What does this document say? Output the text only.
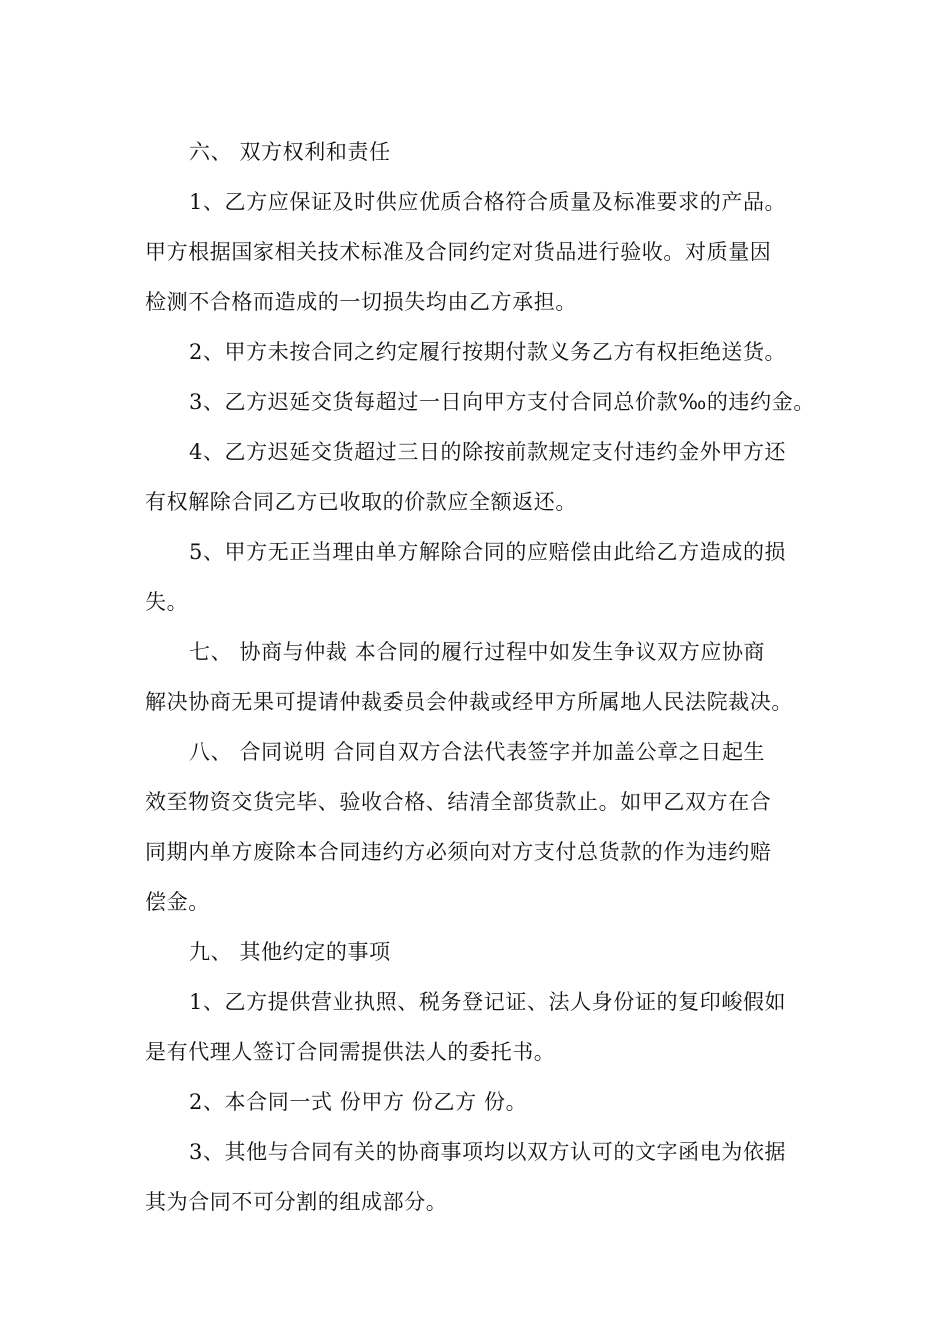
六、 双方权利和责任
1、乙方应保证及时供应优质合格符合质量及标准要求的产品。
甲方根据国家相关技术标准及合同约定对货品进行验收。对质量因
检测不合格而造成的一切损失均由乙方承担。
2、甲方未按合同之约定履行按期付款义务乙方有权拒绝送货。
3、乙方迟延交货每超过一日向甲方支付合同总价款‰的违约金。
4、乙方迟延交货超过三日的除按前款规定支付违约金外甲方还
有权解除合同乙方已收取的价款应全额返还。
5、甲方无正当理由单方解除合同的应赔偿由此给乙方造成的损
失。
七、 协商与仲裁 本合同的履行过程中如发生争议双方应协商
解决协商无果可提请仲裁委员会仲裁或经甲方所属地人民法院裁决。
八、 合同说明 合同自双方合法代表签字并加盖公章之日起生
效至物资交货完毕、验收合格、结清全部货款止。如甲乙双方在合
同期内单方废除本合同违约方必须向对方支付总货款的作为违约赔
偿金。
九、 其他约定的事项
1、乙方提供营业执照、税务登记证、法人身份证的复印峻假如
是有代理人签订合同需提供法人的委托书。
2、本合同一式 份甲方 份乙方 份。
3、其他与合同有关的协商事项均以双方认可的文字函电为依据
其为合同不可分割的组成部分。
